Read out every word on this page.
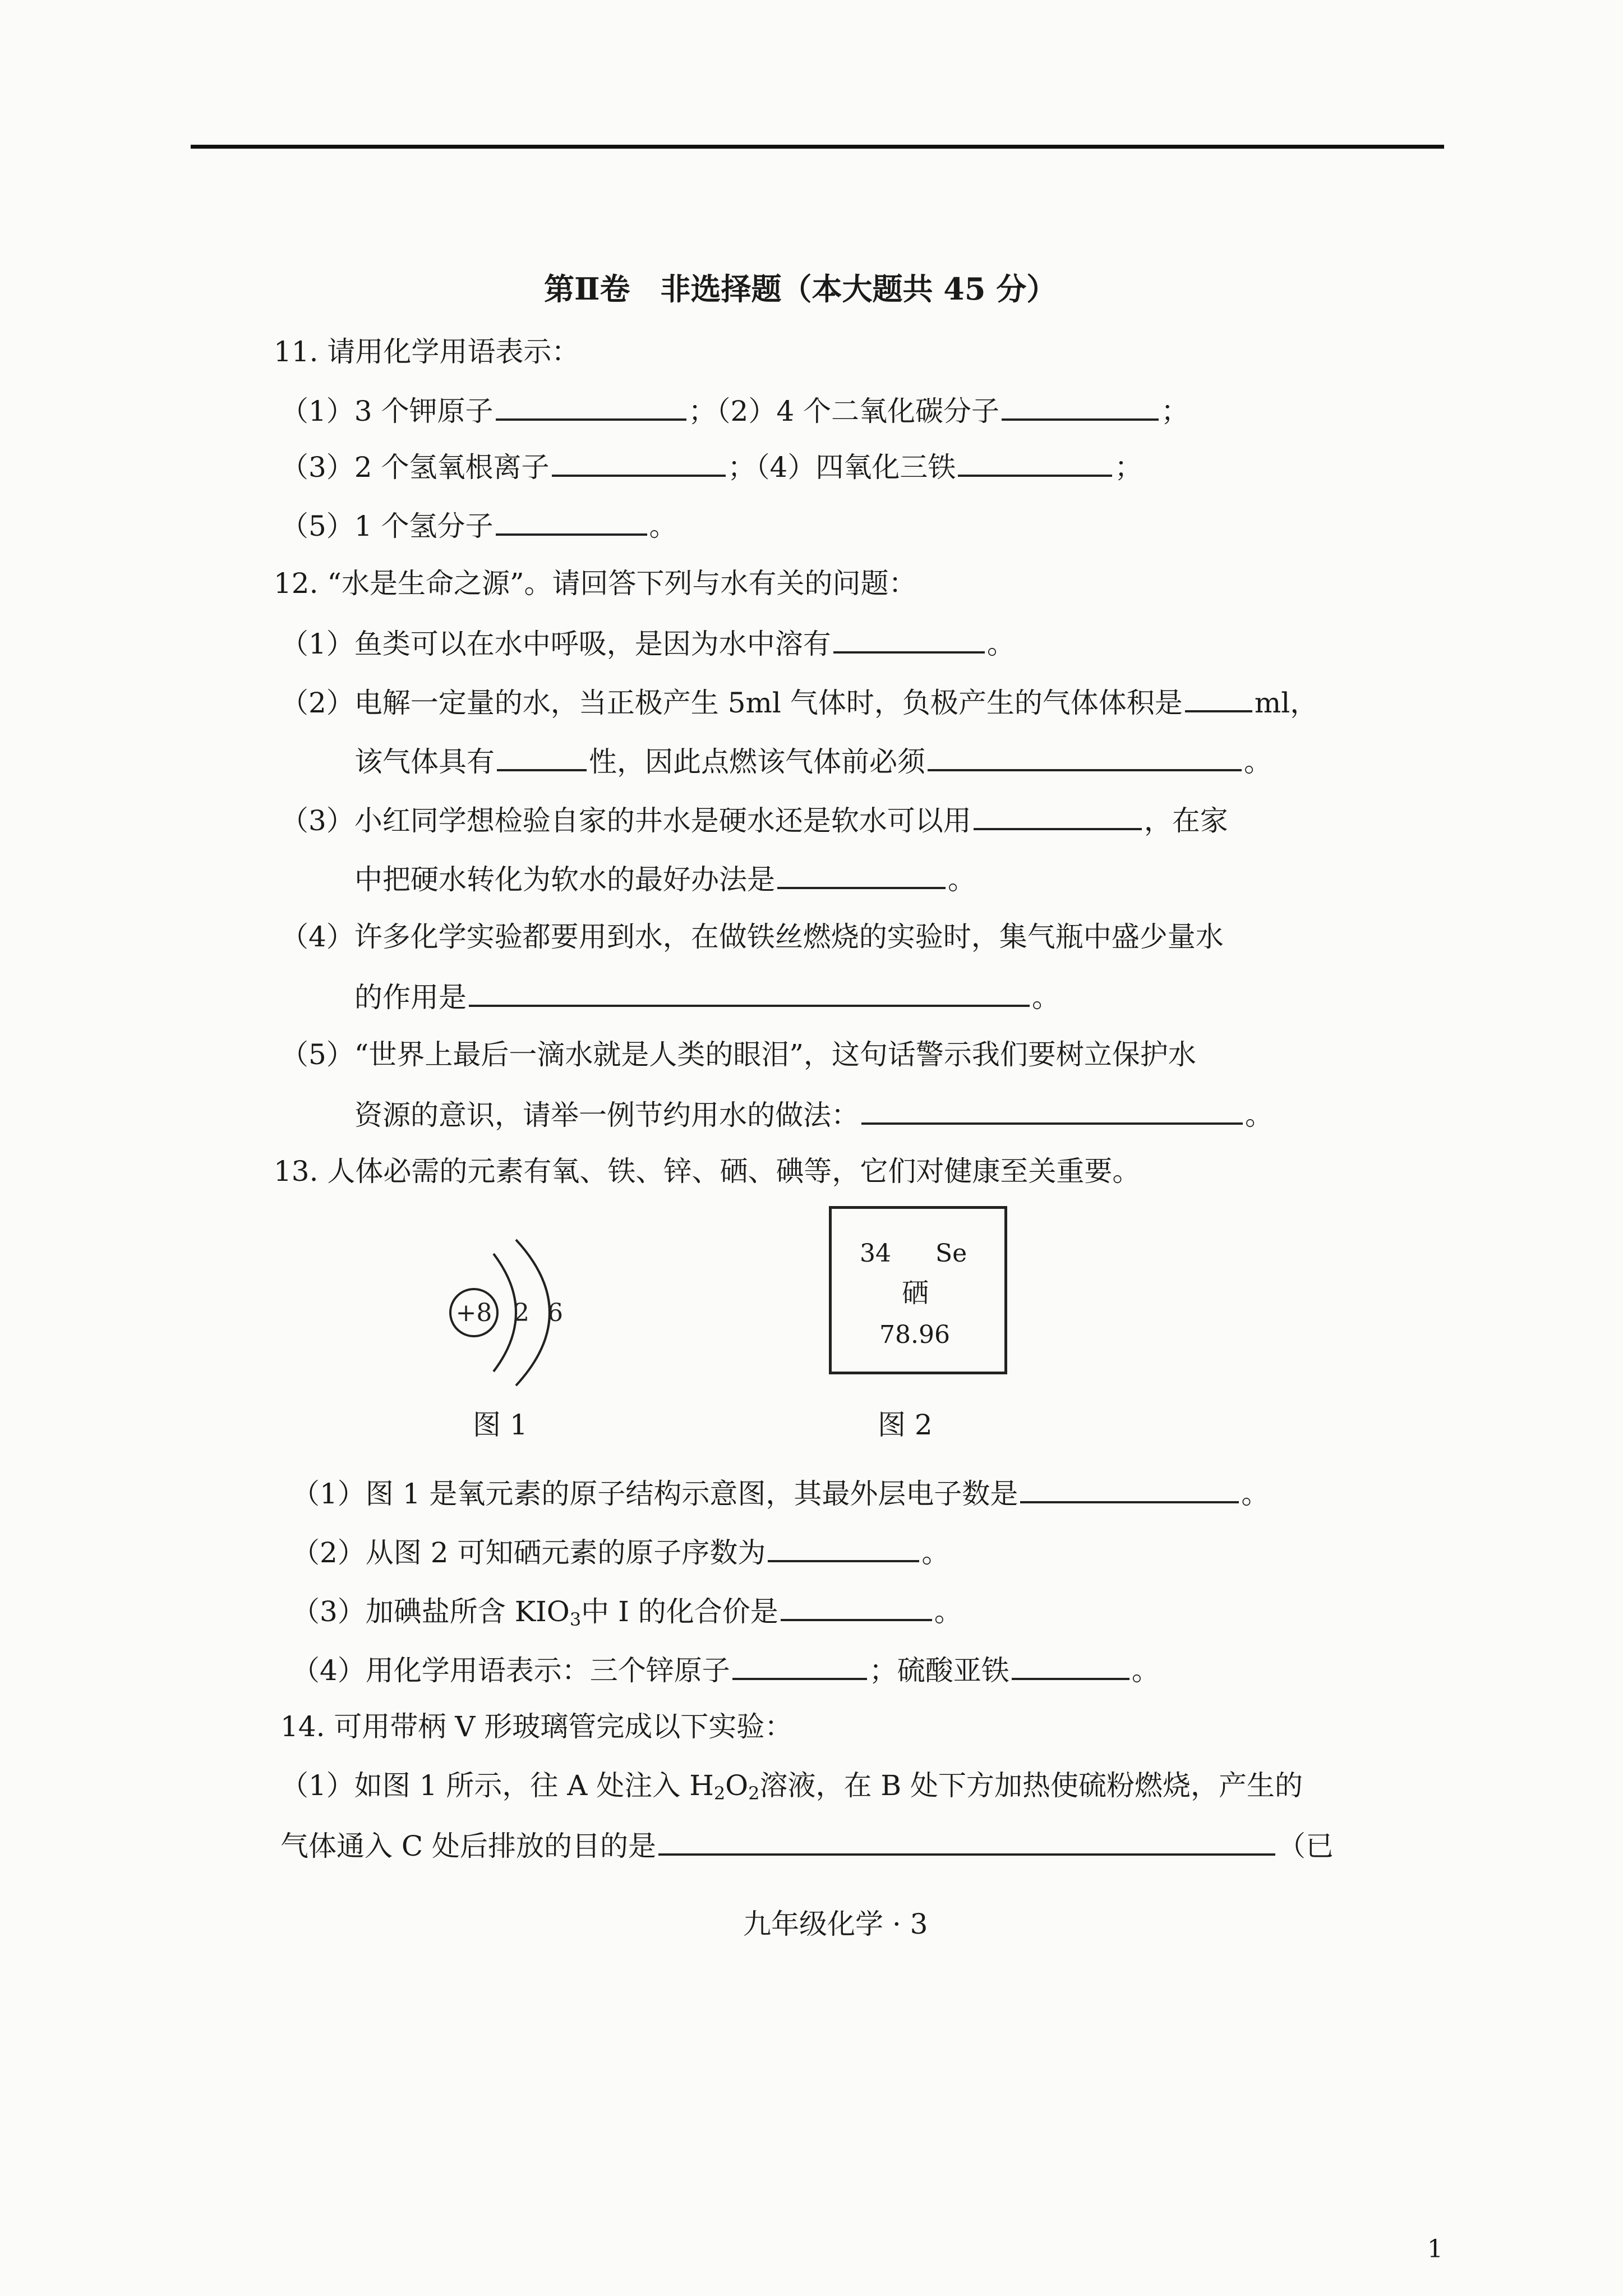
第Ⅱ卷　非选择题（本大题共 45 分）
11. 请用化学用语表示：
（1）3 个钾原子	；（2）4 个二氧化碳分子	；
（3）2 个氢氧根离子	；（4）四氧化三铁	；
（5）1 个氢分子	。
12. “水是生命之源”。请回答下列与水有关的问题：
（1）鱼类可以在水中呼吸，是因为水中溶有	。
（2）电解一定量的水，当正极产生 5ml 气体时，负极产生的气体体积是	ml，
该气体具有	性，因此点燃该气体前必须	。
（3）小红同学想检验自家的井水是硬水还是软水可以用	，在家
中把硬水转化为软水的最好办法是	。
（4）许多化学实验都要用到水，在做铁丝燃烧的实验时，集气瓶中盛少量水
的作用是	。
（5）“世界上最后一滴水就是人类的眼泪”，这句话警示我们要树立保护水
资源的意识，请举一例节约用水的做法：	。
13. 人体必需的元素有氧、铁、锌、硒、碘等，它们对健康至关重要。
+8 2 6
图 1
34 Se
硒
78.96
图 2
（1）图 1 是氧元素的原子结构示意图，其最外层电子数是	。
（2）从图 2 可知硒元素的原子序数为	。
（3）加碘盐所含 $KIO_3$中 I 的化合价是	。
（4）用化学用语表示：三个锌原子	；硫酸亚铁	。
14. 可用带柄 V 形玻璃管完成以下实验：
（1）如图 1 所示，往 A 处注入 $H_2O_2$溶液，在 B 处下方加热使硫粉燃烧，产生的
气体通入 C 处后排放的目的是	（已
九年级化学 · 3
1
